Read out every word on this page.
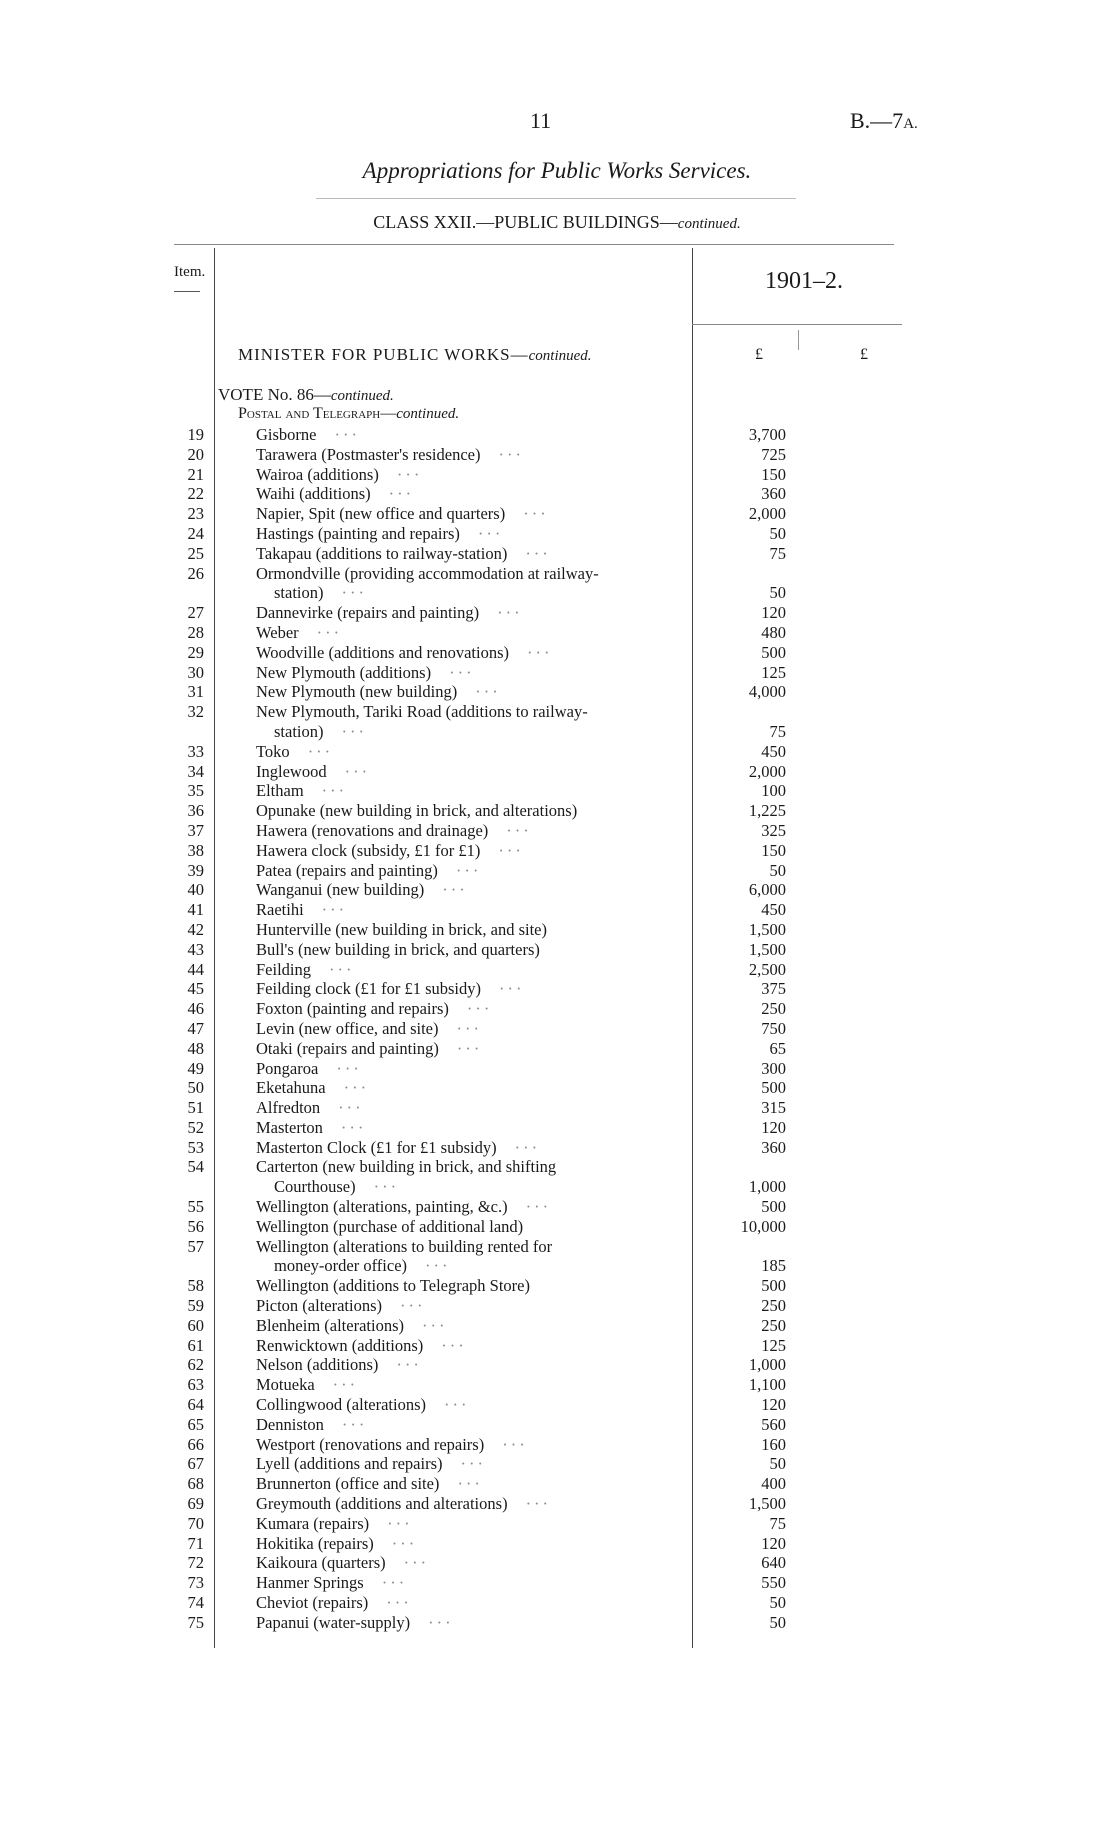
11	B.—7A.
Appropriations for Public Works Services.
CLASS XXII.—PUBLIC BUILDINGS—continued.
Item.	1901–2.
MINISTER FOR PUBLIC WORKS—continued.	£	£
VOTE No. 86—continued.
Postal and Telegraph—continued.
19	Gisborne ···	3,700
20	Tarawera (Postmaster's residence) ···	725
21	Wairoa (additions) ···	150
22	Waihi (additions) ···	360
23	Napier, Spit (new office and quarters) ···	2,000
24	Hastings (painting and repairs) ···	50
25	Takapau (additions to railway-station) ···	75
26	Ormondville (providing accommodation at railway-
station) ···	50
27	Dannevirke (repairs and painting) ···	120
28	Weber ···	480
29	Woodville (additions and renovations) ···	500
30	New Plymouth (additions) ···	125
31	New Plymouth (new building) ···	4,000
32	New Plymouth, Tariki Road (additions to railway-
station) ···	75
33	Toko ···	450
34	Inglewood ···	2,000
35	Eltham ···	100
36	Opunake (new building in brick, and alterations)	1,225
37	Hawera (renovations and drainage) ···	325
38	Hawera clock (subsidy, £1 for £1) ···	150
39	Patea (repairs and painting) ···	50
40	Wanganui (new building) ···	6,000
41	Raetihi ···	450
42	Hunterville (new building in brick, and site)	1,500
43	Bull's (new building in brick, and quarters)	1,500
44	Feilding ···	2,500
45	Feilding clock (£1 for £1 subsidy) ···	375
46	Foxton (painting and repairs) ···	250
47	Levin (new office, and site) ···	750
48	Otaki (repairs and painting) ···	65
49	Pongaroa ···	300
50	Eketahuna ···	500
51	Alfredton ···	315
52	Masterton ···	120
53	Masterton Clock (£1 for £1 subsidy) ···	360
54	Carterton (new building in brick, and shifting
Courthouse) ···	1,000
55	Wellington (alterations, painting, &c.) ···	500
56	Wellington (purchase of additional land)	10,000
57	Wellington (alterations to building rented for
money-order office) ···	185
58	Wellington (additions to Telegraph Store)	500
59	Picton (alterations) ···	250
60	Blenheim (alterations) ···	250
61	Renwicktown (additions) ···	125
62	Nelson (additions) ···	1,000
63	Motueka ···	1,100
64	Collingwood (alterations) ···	120
65	Denniston ···	560
66	Westport (renovations and repairs) ···	160
67	Lyell (additions and repairs) ···	50
68	Brunnerton (office and site) ···	400
69	Greymouth (additions and alterations) ···	1,500
70	Kumara (repairs) ···	75
71	Hokitika (repairs) ···	120
72	Kaikoura (quarters) ···	640
73	Hanmer Springs ···	550
74	Cheviot (repairs) ···	50
75	Papanui (water-supply) ···	50
